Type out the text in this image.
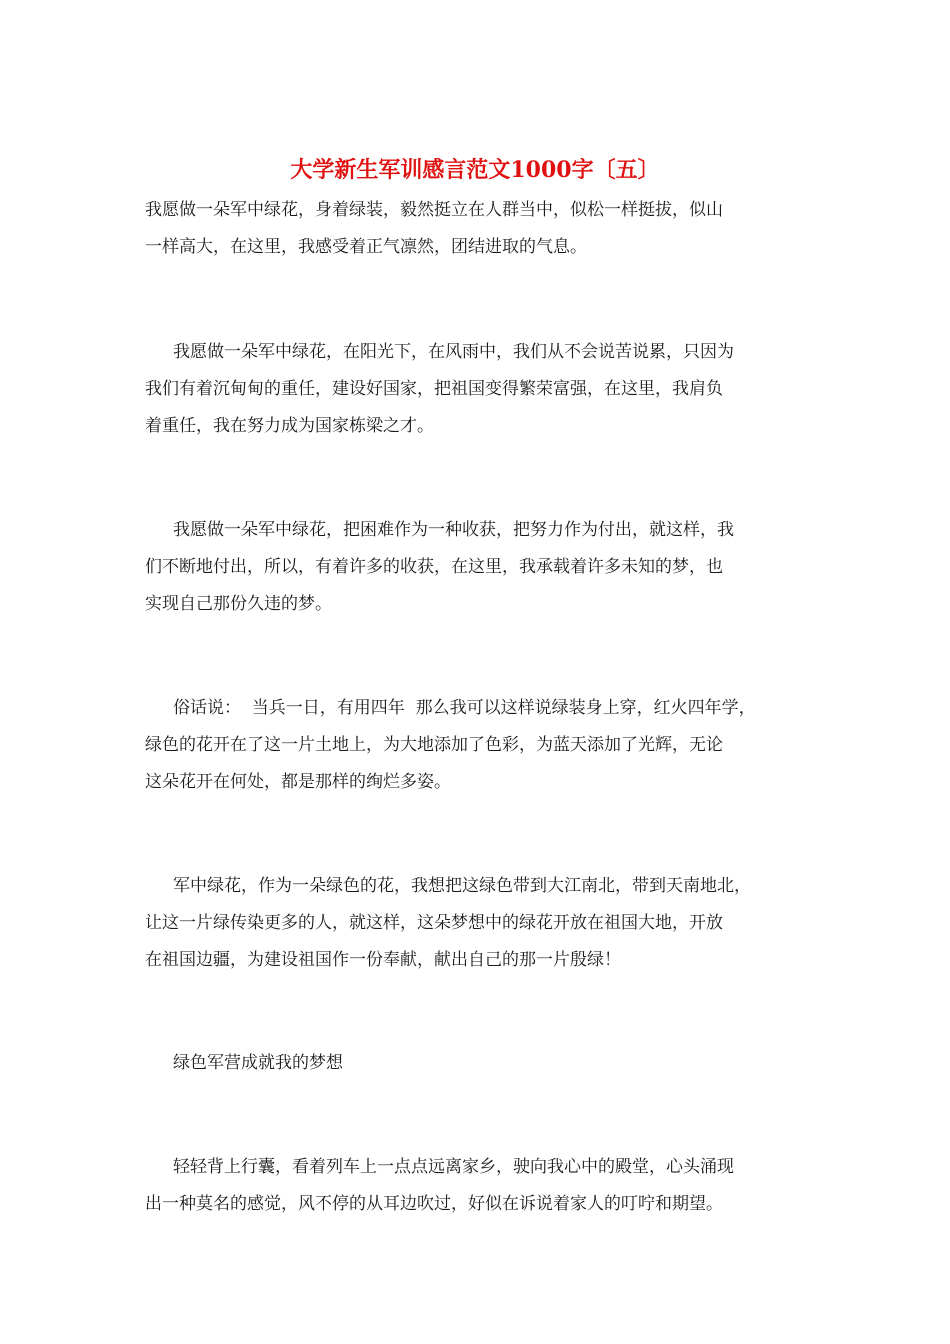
大学新生军训感言范文1000字〔五〕
我愿做一朵军中绿花，身着绿装，毅然挺立在人群当中，似松一样挺拔，似山
一样高大，在这里，我感受着正气凛然，团结进取的气息。
我愿做一朵军中绿花，在阳光下，在风雨中，我们从不会说苦说累，只因为
我们有着沉甸甸的重任，建设好国家，把祖国变得繁荣富强，在这里，我肩负
着重任，我在努力成为国家栋梁之才。
我愿做一朵军中绿花，把困难作为一种收获，把努力作为付出，就这样，我
们不断地付出，所以，有着许多的收获，在这里，我承载着许多未知的梦，也
实现自己那份久违的梦。
俗话说：  当兵一日，有用四年  那么我可以这样说绿装身上穿，红火四年学，
绿色的花开在了这一片土地上，为大地添加了色彩，为蓝天添加了光辉，无论
这朵花开在何处，都是那样的绚烂多姿。
军中绿花，作为一朵绿色的花，我想把这绿色带到大江南北，带到天南地北，
让这一片绿传染更多的人，就这样，这朵梦想中的绿花开放在祖国大地，开放
在祖国边疆，为建设祖国作一份奉献，献出自己的那一片殷绿！
绿色军营成就我的梦想
轻轻背上行囊，看着列车上一点点远离家乡，驶向我心中的殿堂，心头涌现
出一种莫名的感觉，风不停的从耳边吹过，好似在诉说着家人的叮咛和期望。
